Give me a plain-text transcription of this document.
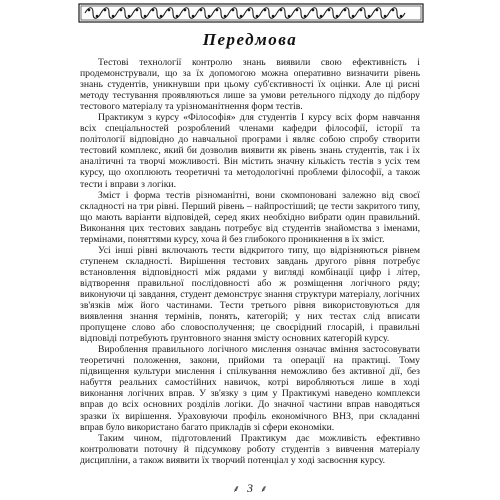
Передмова

Тестові технології контролю знань виявили свою ефективність і продемонстрували, що за їх допомогою можна оперативно визначити рівень знань студентів, уникнувши при цьому суб'єктивності їх оцінки. Але ці рисні методу тестування проявляються лише за умови ретельного підходу до підбору тестового матеріалу та урізноманітнення форм тестів.

Практикум з курсу «Філософія» для студентів І курсу всіх форм навчання всіх спеціальностей розроблений членами кафедри філософії, історії та політології відповідно до навчальної програми і являє собою спробу створити тестовий комплекс, який би дозволив виявити як рівень знань студентів, так і їх аналітичні та творчі можливості. Він містить значну кількість тестів з усіх тем курсу, що охоплюють теоретичні та методологічні проблеми філософії, а також тести і вправи з логіки.

Зміст і форма тестів різноманітні, вони скомпоновані залежно від своєї складності на три рівні. Перший рівень – найпростіший; це тести закритого типу, що мають варіанти відповідей, серед яких необхідно вибрати один правильний. Виконання цих тестових завдань потребує від студентів знайомства з іменами, термінами, поняттями курсу, хоча й без глибокого проникнення в їх зміст.

Усі інші рівні включають тести відкритого типу, що відрізняються рівнем ступенем складності. Вирішення тестових завдань другого рівня потребує встановлення відповідності між рядами у вигляді комбінації цифр і літер, відтворення правильної послідовності або ж розміщення логічного ряду; виконуючи ці завдання, студент демонструє знання структури матеріалу, логічних зв'язків між його частинами. Тести третього рівня використовуються для виявлення знання термінів, понять, категорій; у них тестах слід вписати пропущене слово або словосполучення; це своєрідний глосарій, і правильні відповіді потребують ґрунтовного знання змісту основних категорій курсу.

Вироблення правильного логічного мислення означає вміння застосовувати теоретичні положення, закони, прийоми та операції на практиці. Тому підвищення культури мислення і спілкування неможливо без активної дії, без набуття реальних самостійних навичок, котрі виробляються лише в ході виконання логічних вправ. У зв'язку з цим у Практикумі наведено комплекси вправ до всіх основних розділів логіки. До значної частини вправ наводяться зразки їх вирішення. Ураховуючи профіль економічного ВНЗ, при складанні вправ було використано багато прикладів зі сфери економіки.

Таким чином, підготовлений Практикум дає можливість ефективно контролювати поточну й підсумкову роботу студентів з вивчення матеріалу дисципліни, а також виявити їх творчий потенціал у ході засвоєння курсу.

⸙ 3 ⸙
